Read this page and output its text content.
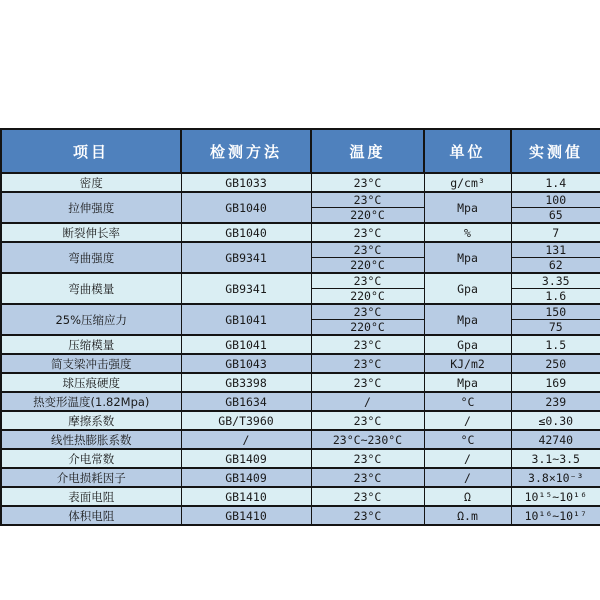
项目	检测方法	温度	单位	实测值
密度	GB1033	23°C	g/cm³	1.4
拉伸强度	GB1040	23°C	Mpa	100
		220°C		65
断裂伸长率	GB1040	23°C	%	7
弯曲强度	GB9341	23°C	Mpa	131
		220°C		62
弯曲模量	GB9341	23°C	Gpa	3.35
		220°C		1.6
25%压缩应力	GB1041	23°C	Mpa	150
		220°C		75
压缩模量	GB1041	23°C	Gpa	1.5
简支梁冲击强度	GB1043	23°C	KJ/m2	250
球压痕硬度	GB3398	23°C	Mpa	169
热变形温度(1.82Mpa)	GB1634	/	°C	239
摩擦系数	GB/T3960	23°C	/	≤0.30
线性热膨胀系数	/	23°C~230°C	°C	42740
介电常数	GB1409	23°C	/	3.1~3.5
介电损耗因子	GB1409	23°C	/	3.8×10⁻³
表面电阻	GB1410	23°C	Ω	10¹⁵~10¹⁶
体积电阻	GB1410	23°C	Ω.m	10¹⁶~10¹⁷
